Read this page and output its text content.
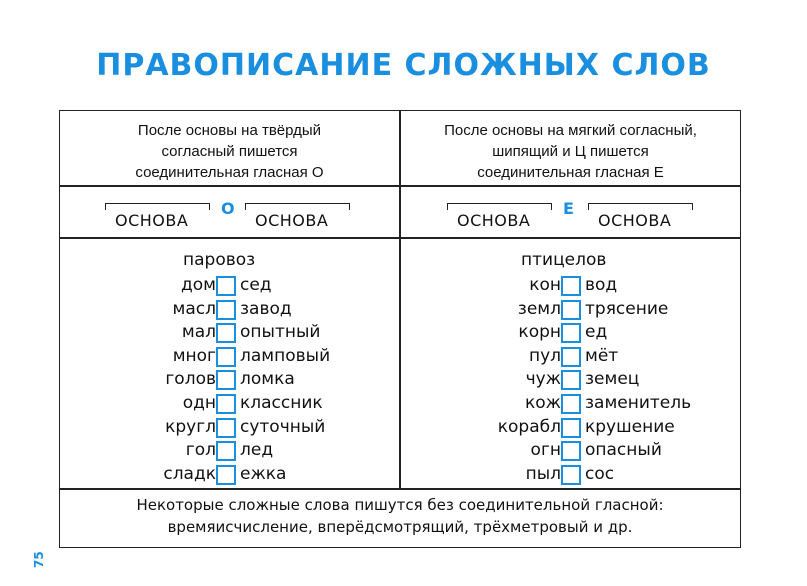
ПРАВОПИСАНИЕ СЛОЖНЫХ СЛОВ
После основы на твёрдый
согласный пишется
соединительная гласная О
После основы на мягкий согласный,
шипящий и Ц пишется
соединительная гласная Е
ОСНОВА
О
ОСНОВА	ОСНОВА
Е
ОСНОВА
паровоз	птицелов
дом сед
масл завод
мал опытный
мног ламповый
голов ломка
одн классник
кругл суточный
гол лед
сладк ежка
кон вод
земл трясение
корн ед
пул мёт
чуж земец
кож заменитель
корабл крушение
огн опасный
пыл сос
Некоторые сложные слова пишутся без соединительной гласной:
времяисчисление, вперёдсмотрящий, трёхметровый и др.
75
